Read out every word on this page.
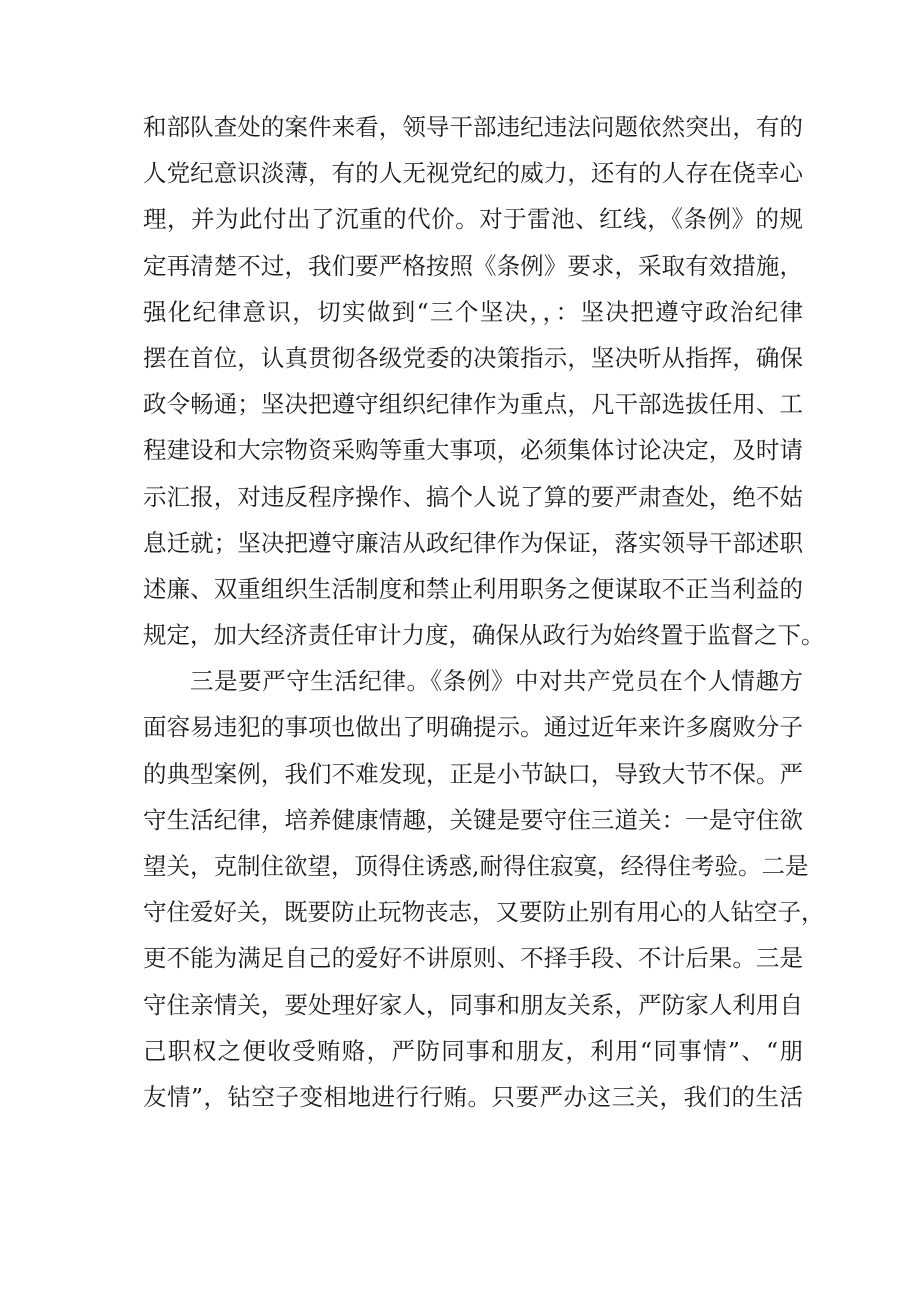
和部队查处的案件来看，领导干部违纪违法问题依然突出，有的
人党纪意识淡薄，有的人无视党纪的威力，还有的人存在侥幸心
理，并为此付出了沉重的代价。对于雷池、红线，《条例》的规
定再清楚不过，我们要严格按照《条例》要求，采取有效措施，
强化纪律意识，切实做到“三个坚决，，：坚决把遵守政治纪律
摆在首位，认真贯彻各级党委的决策指示，坚决听从指挥，确保
政令畅通；坚决把遵守组织纪律作为重点，凡干部选拔任用、工
程建设和大宗物资采购等重大事项，必须集体讨论决定，及时请
示汇报，对违反程序操作、搞个人说了算的要严肃查处，绝不姑
息迁就；坚决把遵守廉洁从政纪律作为保证，落实领导干部述职
述廉、双重组织生活制度和禁止利用职务之便谋取不正当利益的
规定，加大经济责任审计力度，确保从政行为始终置于监督之下。
三是要严守生活纪律。《条例》中对共产党员在个人情趣方
面容易违犯的事项也做出了明确提示。通过近年来许多腐败分子
的典型案例，我们不难发现，正是小节缺口，导致大节不保。严
守生活纪律，培养健康情趣，关键是要守住三道关：一是守住欲
望关，克制住欲望，顶得住诱惑,耐得住寂寞，经得住考验。二是
守住爱好关，既要防止玩物丧志，又要防止别有用心的人钻空子，
更不能为满足自己的爱好不讲原则、不择手段、不计后果。三是
守住亲情关，要处理好家人，同事和朋友关系，严防家人利用自
己职权之便收受贿赂，严防同事和朋友，利用“同事情”、“朋
友情”，钻空子变相地进行行贿。只要严办这三关，我们的生活
